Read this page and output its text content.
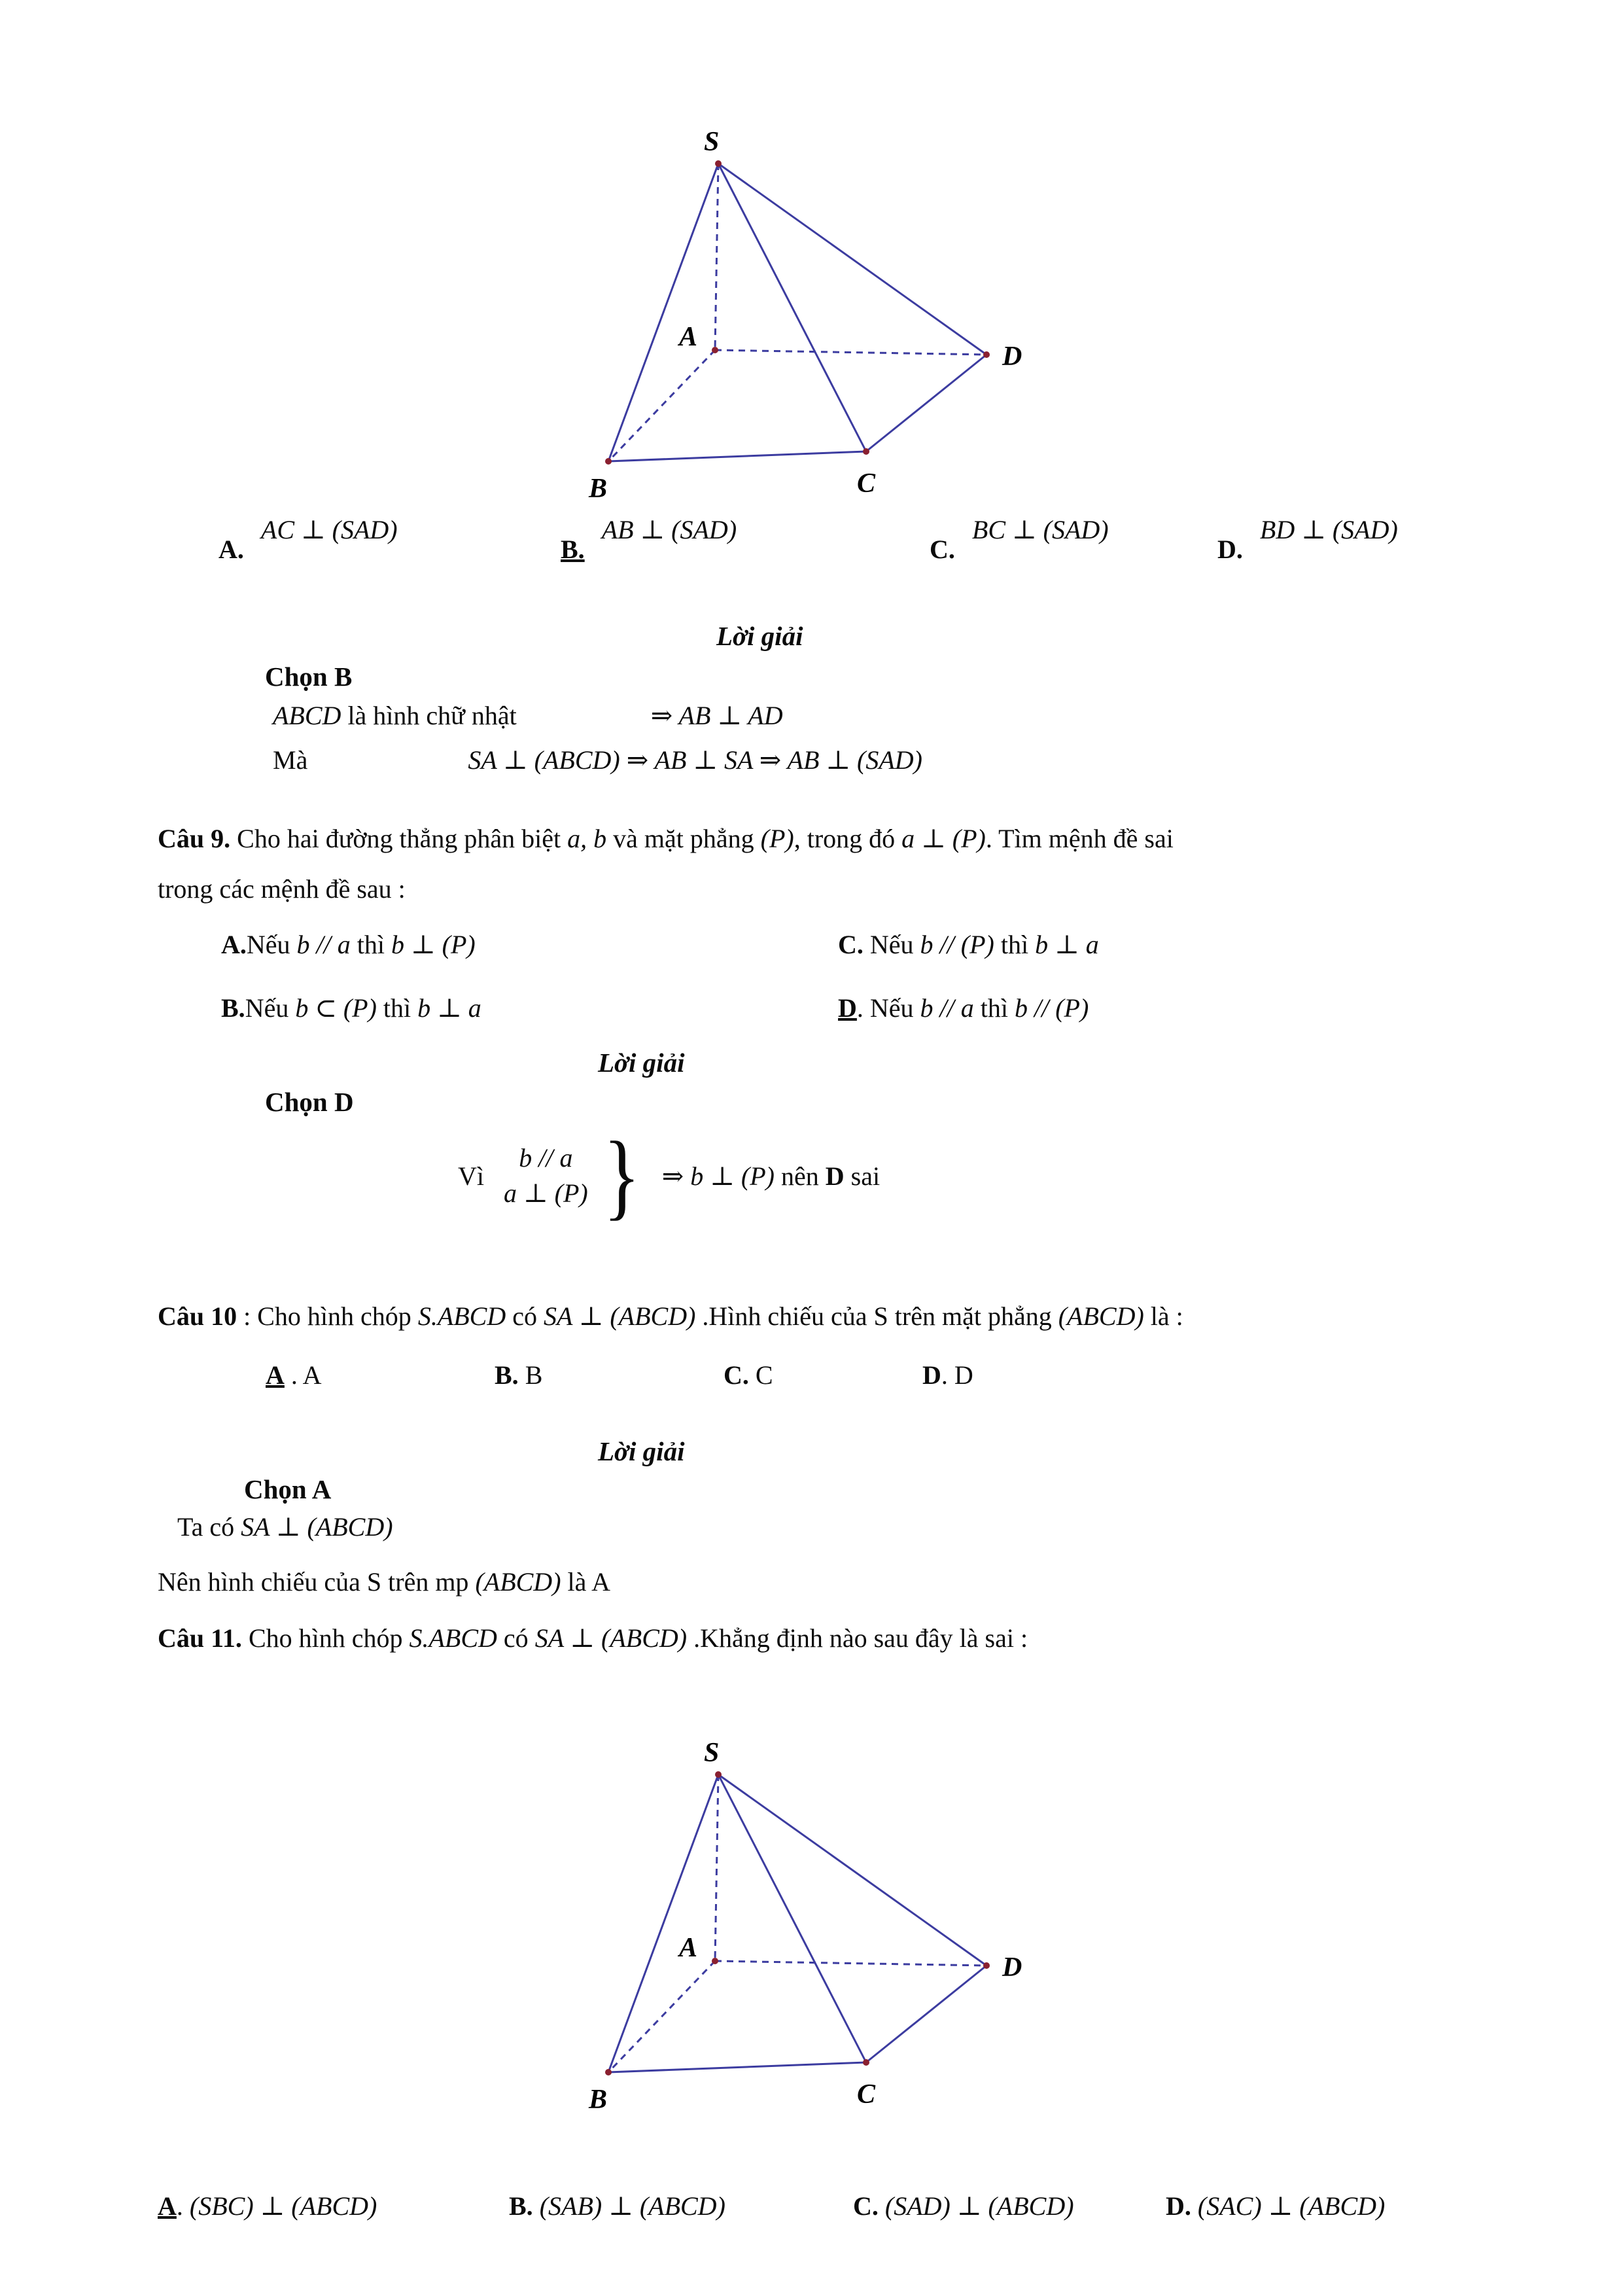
S
A
B	C
D
A. AC ⊥ (SAD)
B. AB ⊥ (SAD)
C. BC ⊥ (SAD)
D. BD ⊥ (SAD)
Lời giải
Chọn B
ABCD là hình chữ nhật	⇒ AB ⊥ AD
Mà	SA ⊥ (ABCD) ⇒ AB ⊥ SA ⇒ AB ⊥ (SAD)
Câu 9. Cho hai đường thẳng phân biệt a, b và mặt phẳng (P), trong đó a ⊥ (P). Tìm mệnh đề sai
trong các mệnh đề sau :
A.Nếu b // a thì b ⊥ (P)	C. Nếu b // (P) thì b ⊥ a
B.Nếu b ⊂ (P) thì b ⊥ a	D. Nếu b // a thì b // (P)
Lời giải
Chọn D
Vì
b // a
a ⊥ (P) } ⇒ b ⊥ (P) nên D sai
Câu 10 : Cho hình chóp S.ABCD có SA ⊥ (ABCD) .Hình chiếu của S trên mặt phẳng (ABCD) là :
A . A	B. B	C. C	D. D
Lời giải
Chọn A
Ta có SA ⊥ (ABCD)
Nên hình chiếu của S trên mp (ABCD) là A
Câu 11. Cho hình chóp S.ABCD có SA ⊥ (ABCD) .Khẳng định nào sau đây là sai :
S
A
B	C
D
A. (SBC) ⊥ (ABCD)	B. (SAB) ⊥ (ABCD)	C. (SAD) ⊥ (ABCD)	D. (SAC) ⊥ (ABCD)
